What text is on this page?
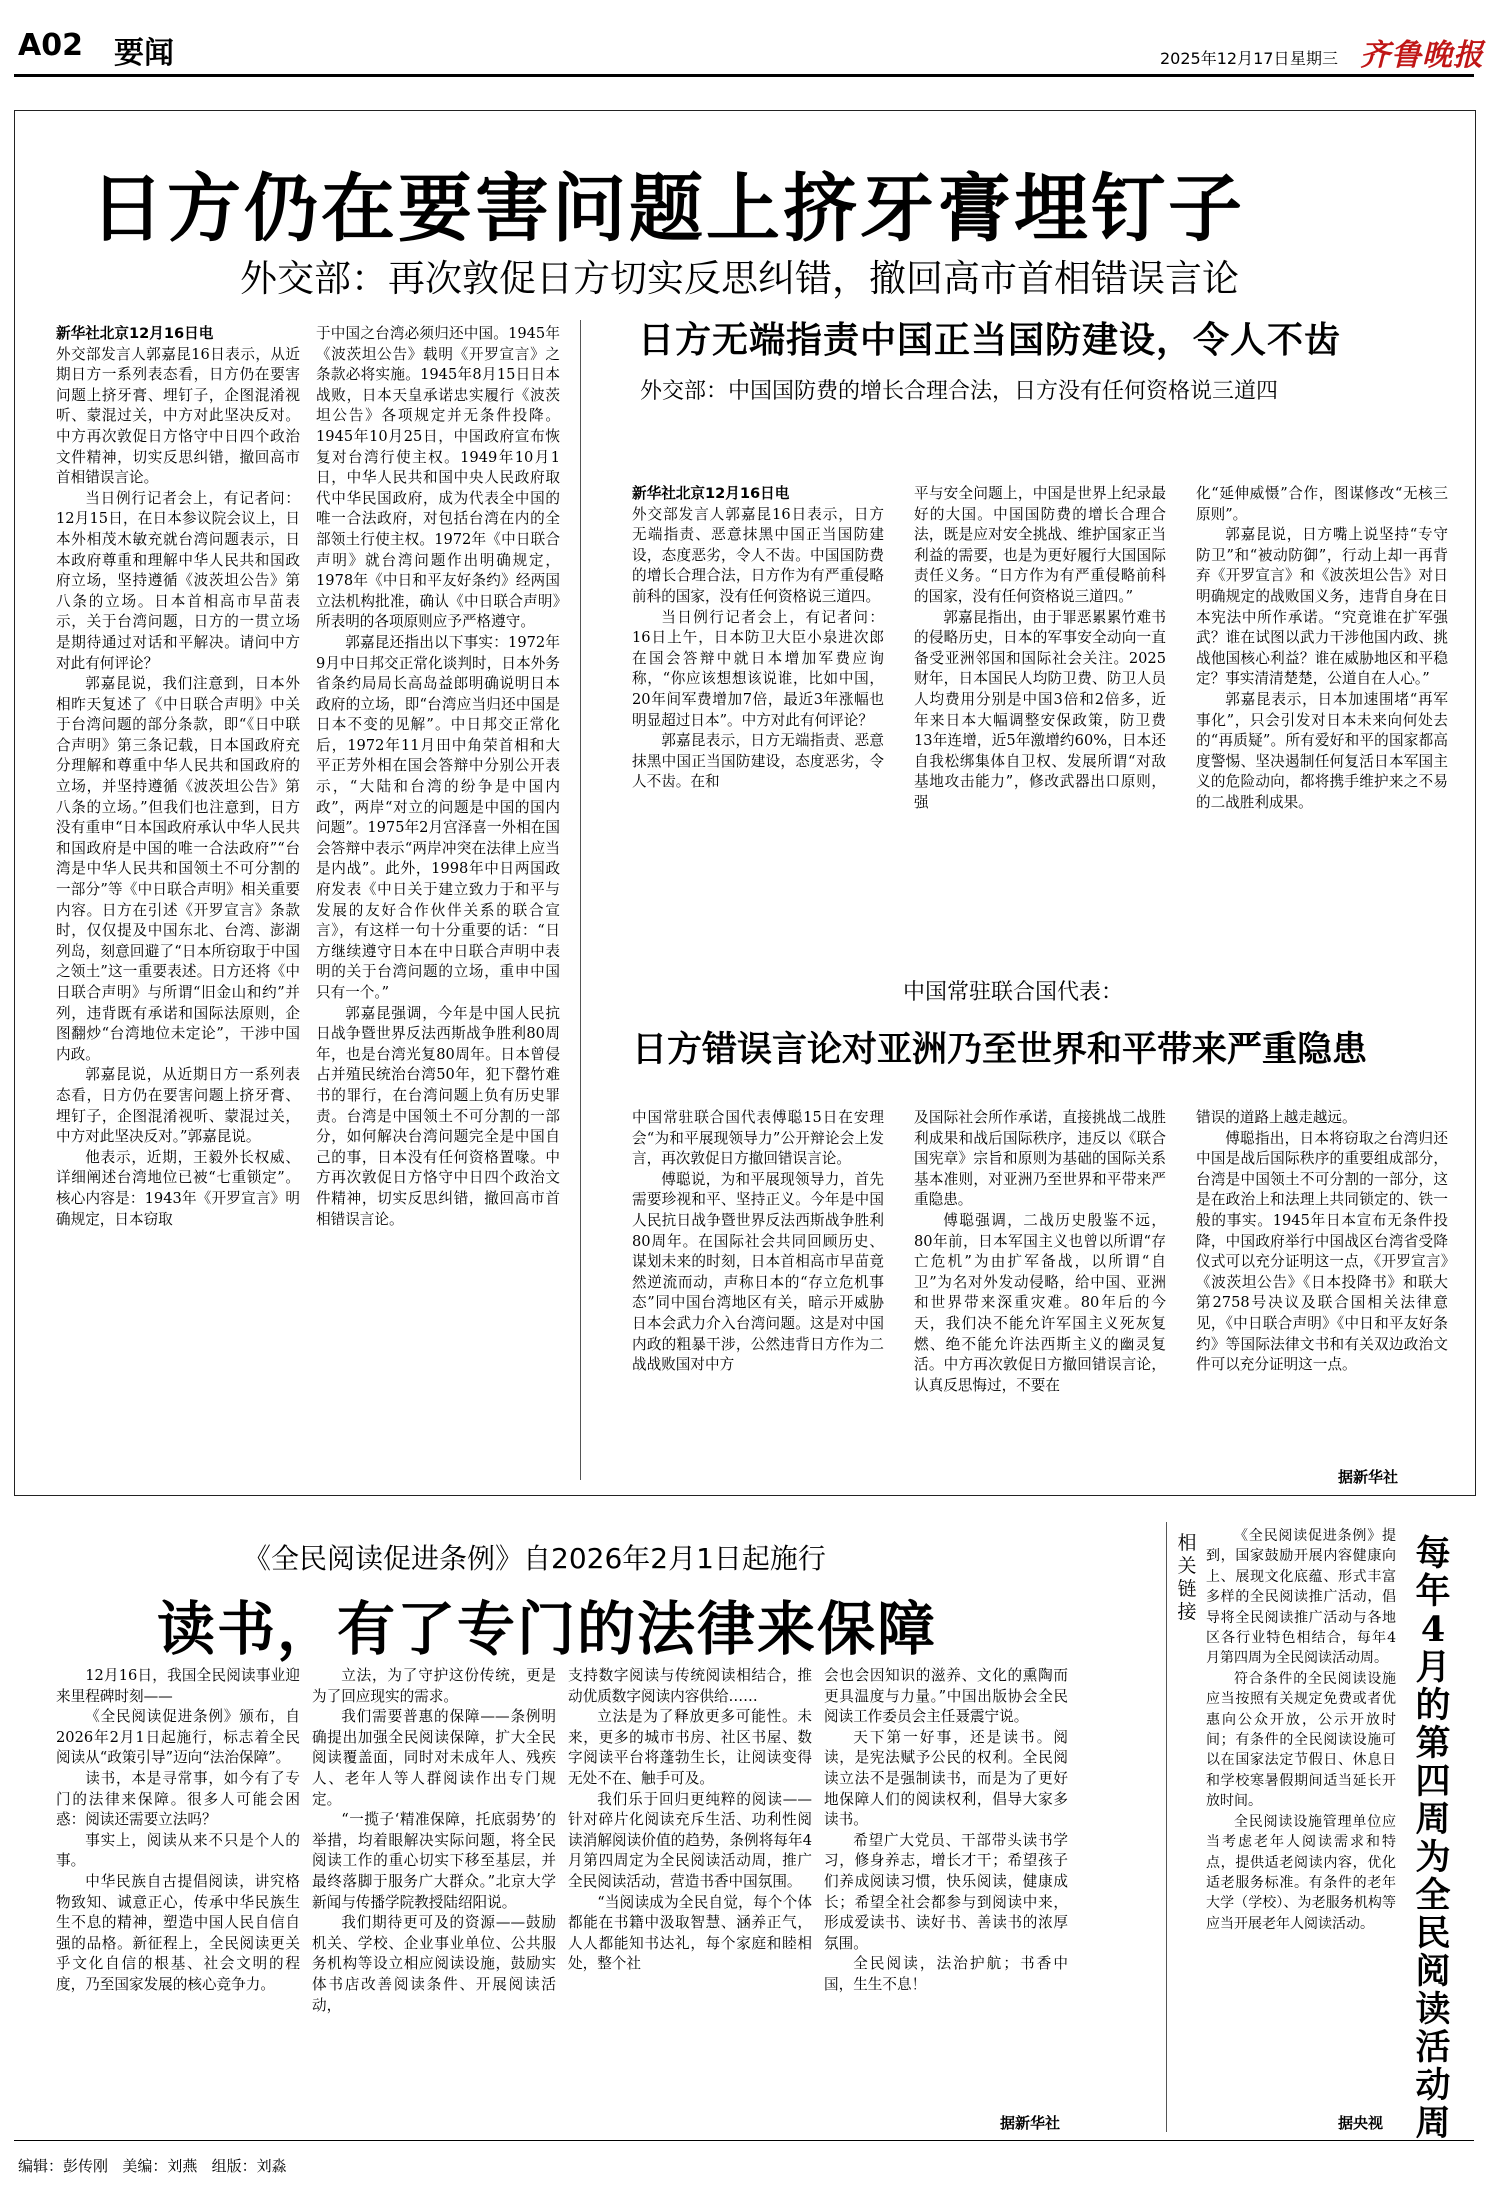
A02 要闻	2025年12月17日 星期三 齐鲁晚报
日方仍在要害问题上挤牙膏埋钉子
外交部：再次敦促日方切实反思纠错，撤回高市首相错误言论

新华社北京12月16日电

外交部发言人郭嘉昆16日表示，从近期日方一系列表态看，日方仍在要害问题上挤牙膏、埋钉子，企图混淆视听、蒙混过关，中方对此坚决反对。中方再次敦促日方恪守中日四个政治文件精神，切实反思纠错，撤回高市首相错误言论。

当日例行记者会上，有记者问：12月15日，在日本参议院会议上，日本外相茂木敏充就台湾问题表示，日本政府尊重和理解中华人民共和国政府立场，坚持遵循《波茨坦公告》第八条的立场。日本首相高市早苗表示，关于台湾问题，日方的一贯立场是期待通过对话和平解决。请问中方对此有何评论？

郭嘉昆说，我们注意到，日本外相昨天复述了《中日联合声明》中关于台湾问题的部分条款，即“《日中联合声明》第三条记载，日本国政府充分理解和尊重中华人民共和国政府的立场，并坚持遵循《波茨坦公告》第八条的立场。”但我们也注意到，日方没有重申“日本国政府承认中华人民共和国政府是中国的唯一合法政府”“台湾是中华人民共和国领土不可分割的一部分”等《中日联合声明》相关重要内容。日方在引述《开罗宣言》条款时，仅仅提及中国东北、台湾、澎湖列岛，刻意回避了“日本所窃取于中国之领土”这一重要表述。日方还将《中日联合声明》与所谓“旧金山和约”并列，违背既有承诺和国际法原则，企图翻炒“台湾地位未定论”，干涉中国内政。

郭嘉昆说，从近期日方一系列表态看，日方仍在要害问题上挤牙膏、埋钉子，企图混淆视听、蒙混过关，中方对此坚决反对。”郭嘉昆说。

他表示，近期，王毅外长权威、详细阐述台湾地位已被“七重锁定”。核心内容是：1943年《开罗宣言》明确规定，日本窃取

于中国之台湾必须归还中国。1945年《波茨坦公告》载明《开罗宣言》之条款必将实施。1945年8月15日日本战败，日本天皇承诺忠实履行《波茨坦公告》各项规定并无条件投降。1945年10月25日，中国政府宣布恢复对台湾行使主权。1949年10月1日，中华人民共和国中央人民政府取代中华民国政府，成为代表全中国的唯一合法政府，对包括台湾在内的全部领土行使主权。1972年《中日联合声明》就台湾问题作出明确规定，1978年《中日和平友好条约》经两国立法机构批准，确认《中日联合声明》所表明的各项原则应予严格遵守。

郭嘉昆还指出以下事实：1972年9月中日邦交正常化谈判时，日本外务省条约局局长高岛益郎明确说明日本政府的立场，即“台湾应当归还中国是日本不变的见解”。中日邦交正常化后，1972年11月田中角荣首相和大平正芳外相在国会答辩中分别公开表示，“大陆和台湾的纷争是中国内政”，两岸“对立的问题是中国的国内问题”。1975年2月宫泽喜一外相在国会答辩中表示“两岸冲突在法律上应当是内战”。此外，1998年中日两国政府发表《中日关于建立致力于和平与发展的友好合作伙伴关系的联合宣言》，有这样一句十分重要的话：“日方继续遵守日本在中日联合声明中表明的关于台湾问题的立场，重申中国只有一个。”

郭嘉昆强调，今年是中国人民抗日战争暨世界反法西斯战争胜利80周年，也是台湾光复80周年。日本曾侵占并殖民统治台湾50年，犯下罄竹难书的罪行，在台湾问题上负有历史罪责。台湾是中国领土不可分割的一部分，如何解决台湾问题完全是中国自己的事，日本没有任何资格置喙。中方再次敦促日方恪守中日四个政治文件精神，切实反思纠错，撤回高市首相错误言论。

日方无端指责中国正当国防建设，令人不齿
外交部：中国国防费的增长合理合法，日方没有任何资格说三道四

新华社北京12月16日电

外交部发言人郭嘉昆16日表示，日方无端指责、恶意抹黑中国正当国防建设，态度恶劣，令人不齿。中国国防费的增长合理合法，日方作为有严重侵略前科的国家，没有任何资格说三道四。

当日例行记者会上，有记者问：16日上午，日本防卫大臣小泉进次郎在国会答辩中就日本增加军费应询称，“你应该想想该说谁，比如中国，20年间军费增加7倍，最近3年涨幅也明显超过日本”。中方对此有何评论？

郭嘉昆表示，日方无端指责、恶意抹黑中国正当国防建设，态度恶劣，令人不齿。在和

平与安全问题上，中国是世界上纪录最好的大国。中国国防费的增长合理合法，既是应对安全挑战、维护国家正当利益的需要，也是为更好履行大国国际责任义务。“日方作为有严重侵略前科的国家，没有任何资格说三道四。”

郭嘉昆指出，由于罪恶累累竹难书的侵略历史，日本的军事安全动向一直备受亚洲邻国和国际社会关注。2025财年，日本国民人均防卫费、防卫人员人均费用分别是中国3倍和2倍多，近年来日本大幅调整安保政策，防卫费13年连增，近5年激增约60%，日本还自我松绑集体自卫权、发展所谓“对敌基地攻击能力”，修改武器出口原则，强

化“延伸威慑”合作，图谋修改“无核三原则”。

郭嘉昆说，日方嘴上说坚持“专守防卫”和“被动防御”，行动上却一再背弃《开罗宣言》和《波茨坦公告》对日明确规定的战败国义务，违背自身在日本宪法中所作承诺。“究竟谁在扩军强武？谁在试图以武力干涉他国内政、挑战他国核心利益？谁在威胁地区和平稳定？事实清清楚楚，公道自在人心。”

郭嘉昆表示，日本加速围堵“再军事化”，只会引发对日本未来向何处去的“再质疑”。所有爱好和平的国家都高度警惕、坚决遏制任何复活日本军国主义的危险动向，都将携手维护来之不易的二战胜利成果。

中国常驻联合国代表：
日方错误言论对亚洲乃至世界和平带来严重隐患

中国常驻联合国代表傅聪15日在安理会“为和平展现领导力”公开辩论会上发言，再次敦促日方撤回错误言论。

傅聪说，为和平展现领导力，首先需要珍视和平、坚持正义。今年是中国人民抗日战争暨世界反法西斯战争胜利80周年。在国际社会共同回顾历史、谋划未来的时刻，日本首相高市早苗竟然逆流而动，声称日本的“存立危机事态”同中国台湾地区有关，暗示开威胁日本会武力介入台湾问题。这是对中国内政的粗暴干涉，公然违背日方作为二战战败国对中方

及国际社会所作承诺，直接挑战二战胜利成果和战后国际秩序，违反以《联合国宪章》宗旨和原则为基础的国际关系基本准则，对亚洲乃至世界和平带来严重隐患。

傅聪强调，二战历史殷鉴不远，80年前，日本军国主义也曾以所谓“存亡危机”为由扩军备战，以所谓“自卫”为名对外发动侵略，给中国、亚洲和世界带来深重灾难。80年后的今天，我们决不能允许军国主义死灰复燃、绝不能允许法西斯主义的幽灵复活。中方再次敦促日方撤回错误言论，认真反思悔过，不要在

错误的道路上越走越远。

傅聪指出，日本将窃取之台湾归还中国是战后国际秩序的重要组成部分，台湾是中国领土不可分割的一部分，这是在政治上和法理上共同锁定的、铁一般的事实。1945年日本宣布无条件投降，中国政府举行中国战区台湾省受降仪式可以充分证明这一点，《开罗宣言》《波茨坦公告》《日本投降书》和联大第2758号决议及联合国相关法律意见，《中日联合声明》《中日和平友好条约》等国际法律文书和有关双边政治文件可以充分证明这一点。

据新华社
《全民阅读促进条例》自2026年2月1日起施行
读书，有了专门的法律来保障

12月16日，我国全民阅读事业迎来里程碑时刻——

《全民阅读促进条例》颁布，自2026年2月1日起施行，标志着全民阅读从“政策引导”迈向“法治保障”。

读书，本是寻常事，如今有了专门的法律来保障。很多人可能会困惑：阅读还需要立法吗？

事实上，阅读从来不只是个人的事。

中华民族自古提倡阅读，讲究格物致知、诚意正心，传承中华民族生生不息的精神，塑造中国人民自信自强的品格。新征程上，全民阅读更关乎文化自信的根基、社会文明的程度，乃至国家发展的核心竞争力。

立法，为了守护这份传统，更是为了回应现实的需求。

我们需要普惠的保障——条例明确提出加强全民阅读保障，扩大全民阅读覆盖面，同时对未成年人、残疾人、老年人等人群阅读作出专门规定。

“一揽子‘精准保障，托底弱势’的举措，均着眼解决实际问题，将全民阅读工作的重心切实下移至基层，并最终落脚于服务广大群众。”北京大学新闻与传播学院教授陆绍阳说。

我们期待更可及的资源——鼓励机关、学校、企业事业单位、公共服务机构等设立相应阅读设施，鼓励实体书店改善阅读条件、开展阅读活动，

支持数字阅读与传统阅读相结合，推动优质数字阅读内容供给……

立法是为了释放更多可能性。未来，更多的城市书房、社区书屋、数字阅读平台将蓬勃生长，让阅读变得无处不在、触手可及。

我们乐于回归更纯粹的阅读——针对碎片化阅读充斥生活、功利性阅读消解阅读价值的趋势，条例将每年4月第四周定为全民阅读活动周，推广全民阅读活动，营造书香中国氛围。

“当阅读成为全民自觉，每个个体都能在书籍中汲取智慧、涵养正气，人人都能知书达礼，每个家庭和睦相处，整个社

会也会因知识的滋养、文化的熏陶而更具温度与力量。”中国出版协会全民阅读工作委员会主任聂震宁说。

天下第一好事，还是读书。阅读，是宪法赋予公民的权利。全民阅读立法不是强制读书，而是为了更好地保障人们的阅读权利，倡导大家多读书。

希望广大党员、干部带头读书学习，修身养志，增长才干；希望孩子们养成阅读习惯，快乐阅读，健康成长；希望全社会都参与到阅读中来，形成爱读书、读好书、善读书的浓厚氛围。

全民阅读，法治护航；书香中国，生生不息！

据新华社
相关链接

《全民阅读促进条例》提到，国家鼓励开展内容健康向上、展现文化底蕴、形式丰富多样的全民阅读推广活动，倡导将全民阅读推广活动与各地区各行业特色相结合，每年4月第四周为全民阅读活动周。

符合条件的全民阅读设施应当按照有关规定免费或者优惠向公众开放，公示开放时间；有条件的全民阅读设施可以在国家法定节假日、休息日和学校寒暑假期间适当延长开放时间。

全民阅读设施管理单位应当考虑老年人阅读需求和特点，提供适老阅读内容，优化适老服务标准。有条件的老年大学（学校）、为老服务机构等应当开展老年人阅读活动。

据央视
每年4月的第四周为全民阅读活动周
编辑：彭传刚 美编：刘燕 组版：刘淼
